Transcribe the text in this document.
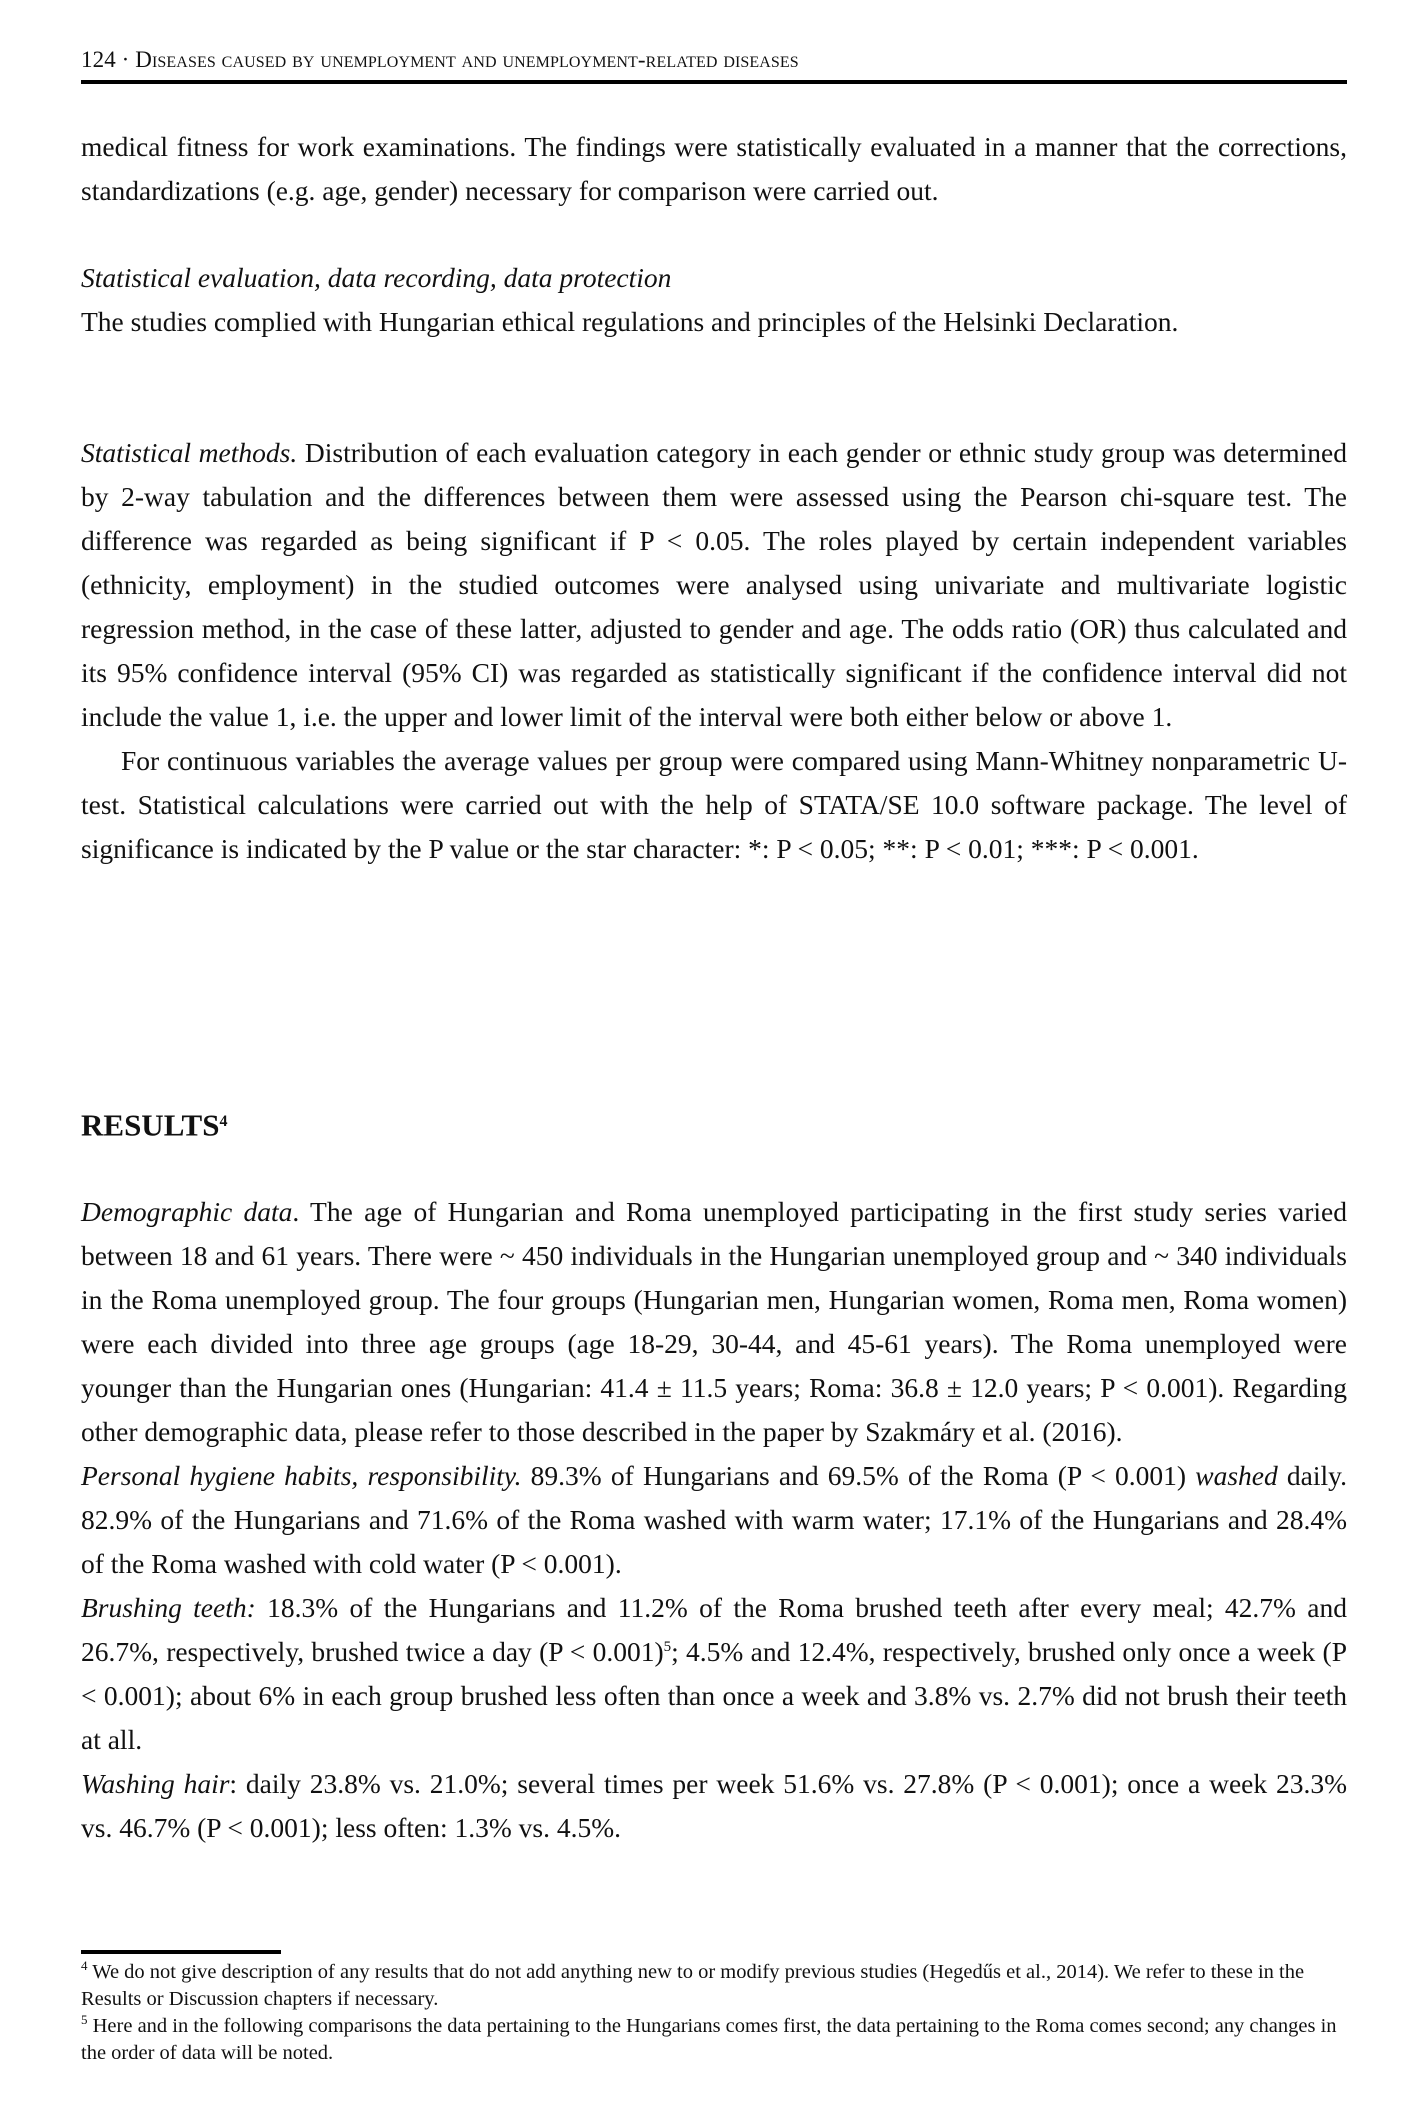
124 · Diseases caused by unemployment and unemployment-related diseases

medical fitness for work examinations. The findings were statistically evaluated in a manner that the corrections, standardizations (e.g. age, gender) necessary for comparison were carried out.

Statistical evaluation, data recording, data protection

The studies complied with Hungarian ethical regulations and principles of the Helsinki Declaration.

Statistical methods. Distribution of each evaluation category in each gender or ethnic study group was determined by 2-way tabulation and the differences between them were assessed using the Pearson chi-square test. The difference was regarded as being significant if P < 0.05. The roles played by certain independent variables (ethnicity, employment) in the studied outcomes were analysed using univariate and multivariate logistic regression method, in the case of these latter, adjusted to gender and age. The odds ratio (OR) thus calculated and its 95% confidence interval (95% CI) was regarded as statistically significant if the confidence interval did not include the value 1, i.e. the upper and lower limit of the interval were both either below or above 1.

For continuous variables the average values per group were compared using Mann-Whitney nonparametric U-test. Statistical calculations were carried out with the help of STATA/SE 10.0 software package. The level of significance is indicated by the P value or the star character: *: P < 0.05; **: P < 0.01; ***: P < 0.001.

RESULTS$^4$

Demographic data. The age of Hungarian and Roma unemployed participating in the first study series varied between 18 and 61 years. There were ~ 450 individuals in the Hungarian unemployed group and ~ 340 individuals in the Roma unemployed group. The four groups (Hungarian men, Hungarian women, Roma men, Roma women) were each divided into three age groups (age 18-29, 30-44, and 45-61 years). The Roma unemployed were younger than the Hungarian ones (Hungarian: 41.4 ± 11.5 years; Roma: 36.8 ± 12.0 years; P < 0.001). Regarding other demographic data, please refer to those described in the paper by Szakmáry et al. (2016).

Personal hygiene habits, responsibility. 89.3% of Hungarians and 69.5% of the Roma (P < 0.001) washed daily. 82.9% of the Hungarians and 71.6% of the Roma washed with warm water; 17.1% of the Hungarians and 28.4% of the Roma washed with cold water (P < 0.001).

Brushing teeth: 18.3% of the Hungarians and 11.2% of the Roma brushed teeth after every meal; 42.7% and 26.7%, respectively, brushed twice a day (P < 0.001)$^5$; 4.5% and 12.4%, respectively, brushed only once a week (P < 0.001); about 6% in each group brushed less often than once a week and 3.8% vs. 2.7% did not brush their teeth at all.

Washing hair: daily 23.8% vs. 21.0%; several times per week 51.6% vs. 27.8% (P < 0.001); once a week 23.3% vs. 46.7% (P < 0.001); less often: 1.3% vs. 4.5%.

$^4$ We do not give description of any results that do not add anything new to or modify previous studies (Hegedűs et al., 2014). We refer to these in the Results or Discussion chapters if necessary.

$^5$ Here and in the following comparisons the data pertaining to the Hungarians comes first, the data pertaining to the Roma comes second; any changes in the order of data will be noted.
